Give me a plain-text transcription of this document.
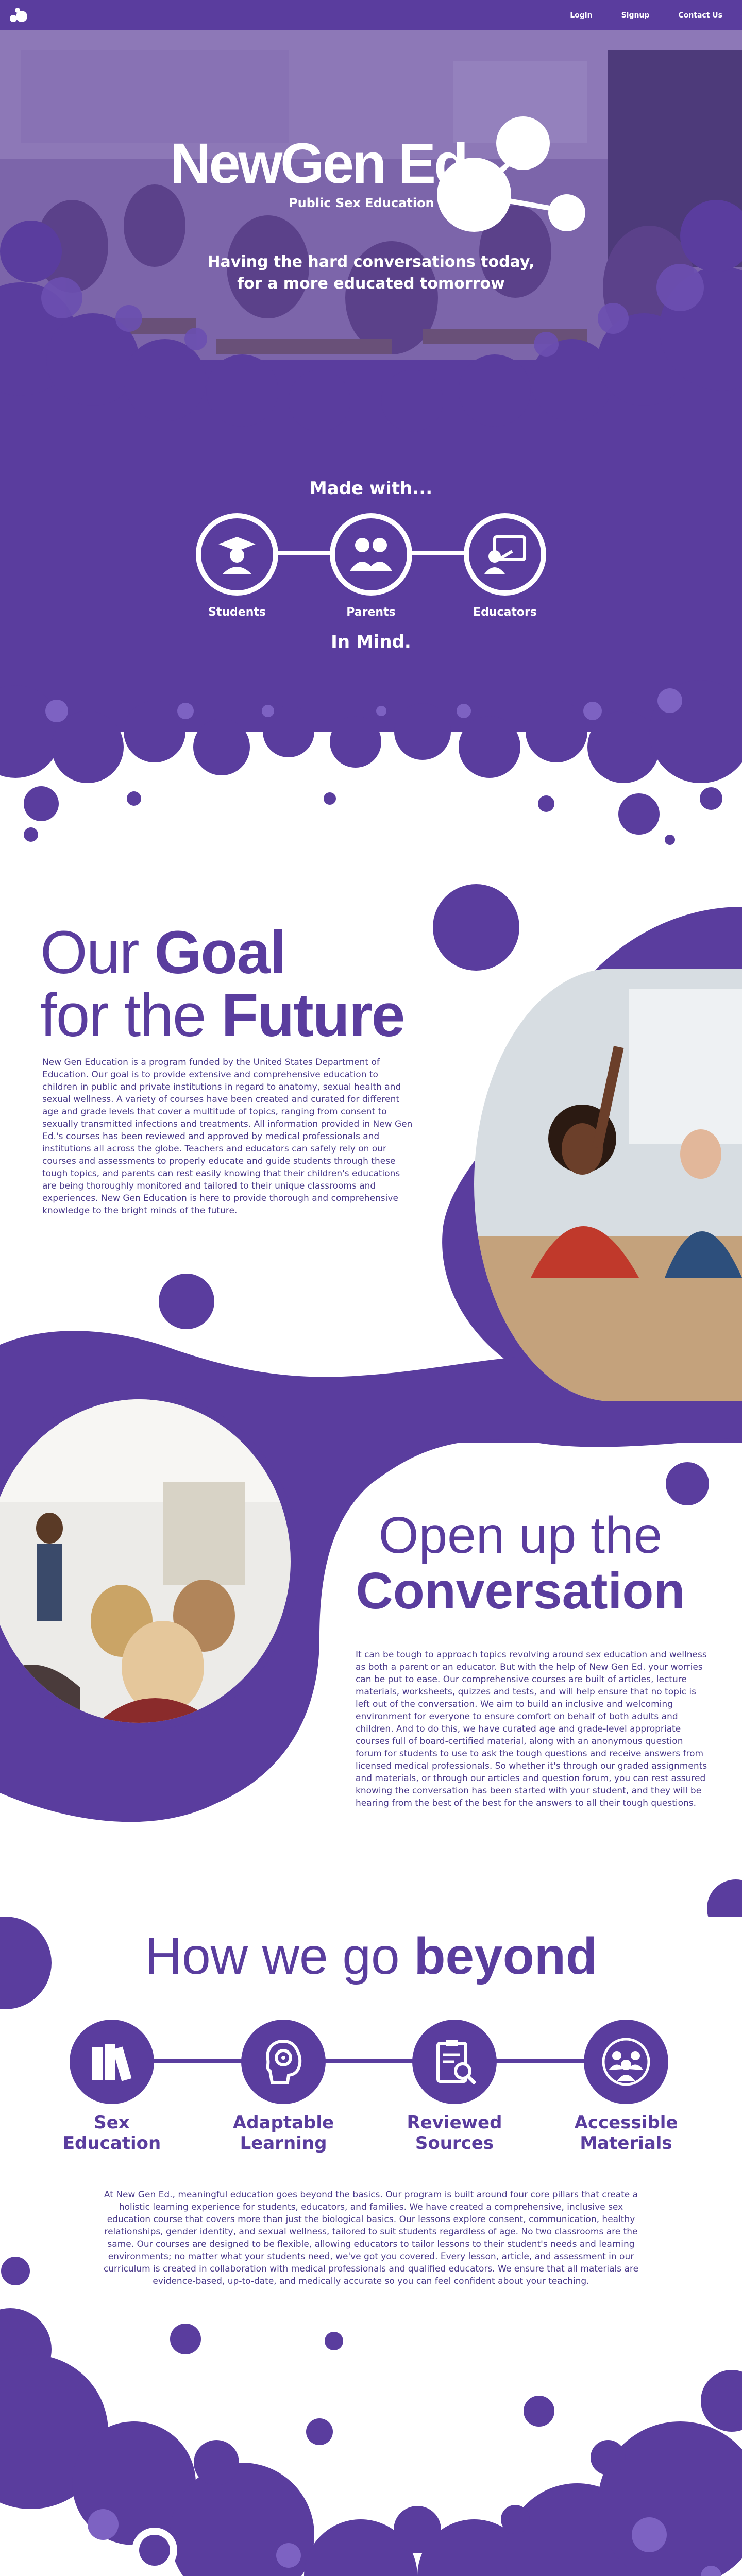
Login	Signup	Contact Us
NewGen Ed.
Public Sex Education
Having the hard conversations today,
for a more educated tomorrow
Made with...
Students	Parents	Educators
In Mind.
Our Goal
for the Future

New Gen Education is a program funded by the United States Department of Education. Our goal is to provide extensive and comprehensive education to children in public and private institutions in regard to anatomy, sexual health and sexual wellness. A variety of courses have been created and curated for different age and grade levels that cover a multitude of topics, ranging from consent to sexually transmitted infections and treatments. All information provided in New Gen Ed.'s courses has been reviewed and approved by medical professionals and institutions all across the globe. Teachers and educators can safely rely on our courses and assessments to properly educate and guide students through these tough topics, and parents can rest easily knowing that their children's educations are being thoroughly monitored and tailored to their unique classrooms and experiences. New Gen Education is here to provide thorough and comprehensive knowledge to the bright minds of the future.

Open up the
Conversation

It can be tough to approach topics revolving around sex education and wellness as both a parent or an educator. But with the help of New Gen Ed. your worries can be put to ease. Our comprehensive courses are built of articles, lecture materials, worksheets, quizzes and tests, and will help ensure that no topic is left out of the conversation. We aim to build an inclusive and welcoming environment for everyone to ensure comfort on behalf of both adults and children. And to do this, we have curated age and grade-level appropriate courses full of board-certified material, along with an anonymous question forum for students to use to ask the tough questions and receive answers from licensed medical professionals. So whether it's through our graded assignments and materials, or through our articles and question forum, you can rest assured knowing the conversation has been started with your student, and they will be hearing from the best of the best for the answers to all their tough questions.

How we go beyond
Sex
Education
Adaptable
Learning
Reviewed
Sources
Accessible
Materials

At New Gen Ed., meaningful education goes beyond the basics. Our program is built around four core pillars that create a holistic learning experience for students, educators, and families. We have created a comprehensive, inclusive sex education course that covers more than just the biological basics. Our lessons explore consent, communication, healthy relationships, gender identity, and sexual wellness, tailored to suit students regardless of age. No two classrooms are the same. Our courses are designed to be flexible, allowing educators to tailor lessons to their student's needs and learning environments; no matter what your students need, we've got you covered. Every lesson, article, and assessment in our curriculum is created in collaboration with medical professionals and qualified educators. We ensure that all materials are evidence-based, up-to-date, and medically accurate so you can feel confident about your teaching.
